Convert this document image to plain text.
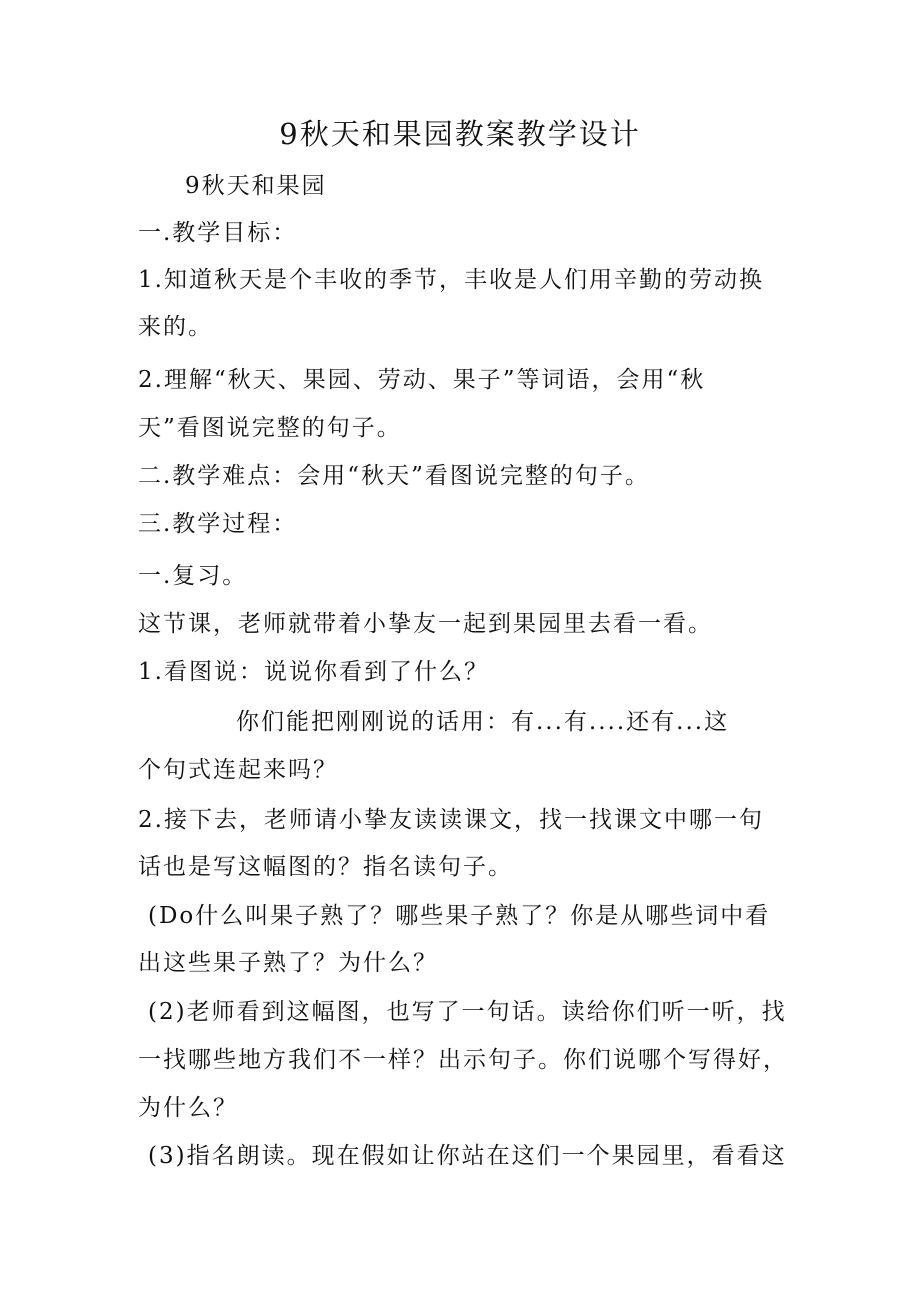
9秋天和果园教案教学设计
9秋天和果园
一.教学目标：
1.知道秋天是个丰收的季节，丰收是人们用辛勤的劳动换
来的。
2.理解“秋天、果园、劳动、果子”等词语，会用“秋
天”看图说完整的句子。
二.教学难点：会用“秋天”看图说完整的句子。
三.教学过程：
一.复习。
这节课，老师就带着小挚友一起到果园里去看一看。
1.看图说：说说你看到了什么？
你们能把刚刚说的话用：有...有....还有...这
个句式连起来吗？
2.接下去，老师请小挚友读读课文，找一找课文中哪一句
话也是写这幅图的？指名读句子。
(Do什么叫果子熟了？哪些果子熟了？你是从哪些词中看
出这些果子熟了？为什么？
(2)老师看到这幅图，也写了一句话。读给你们听一听，找
一找哪些地方我们不一样？出示句子。你们说哪个写得好，
为什么？
(3)指名朗读。现在假如让你站在这们一个果园里，看看这
